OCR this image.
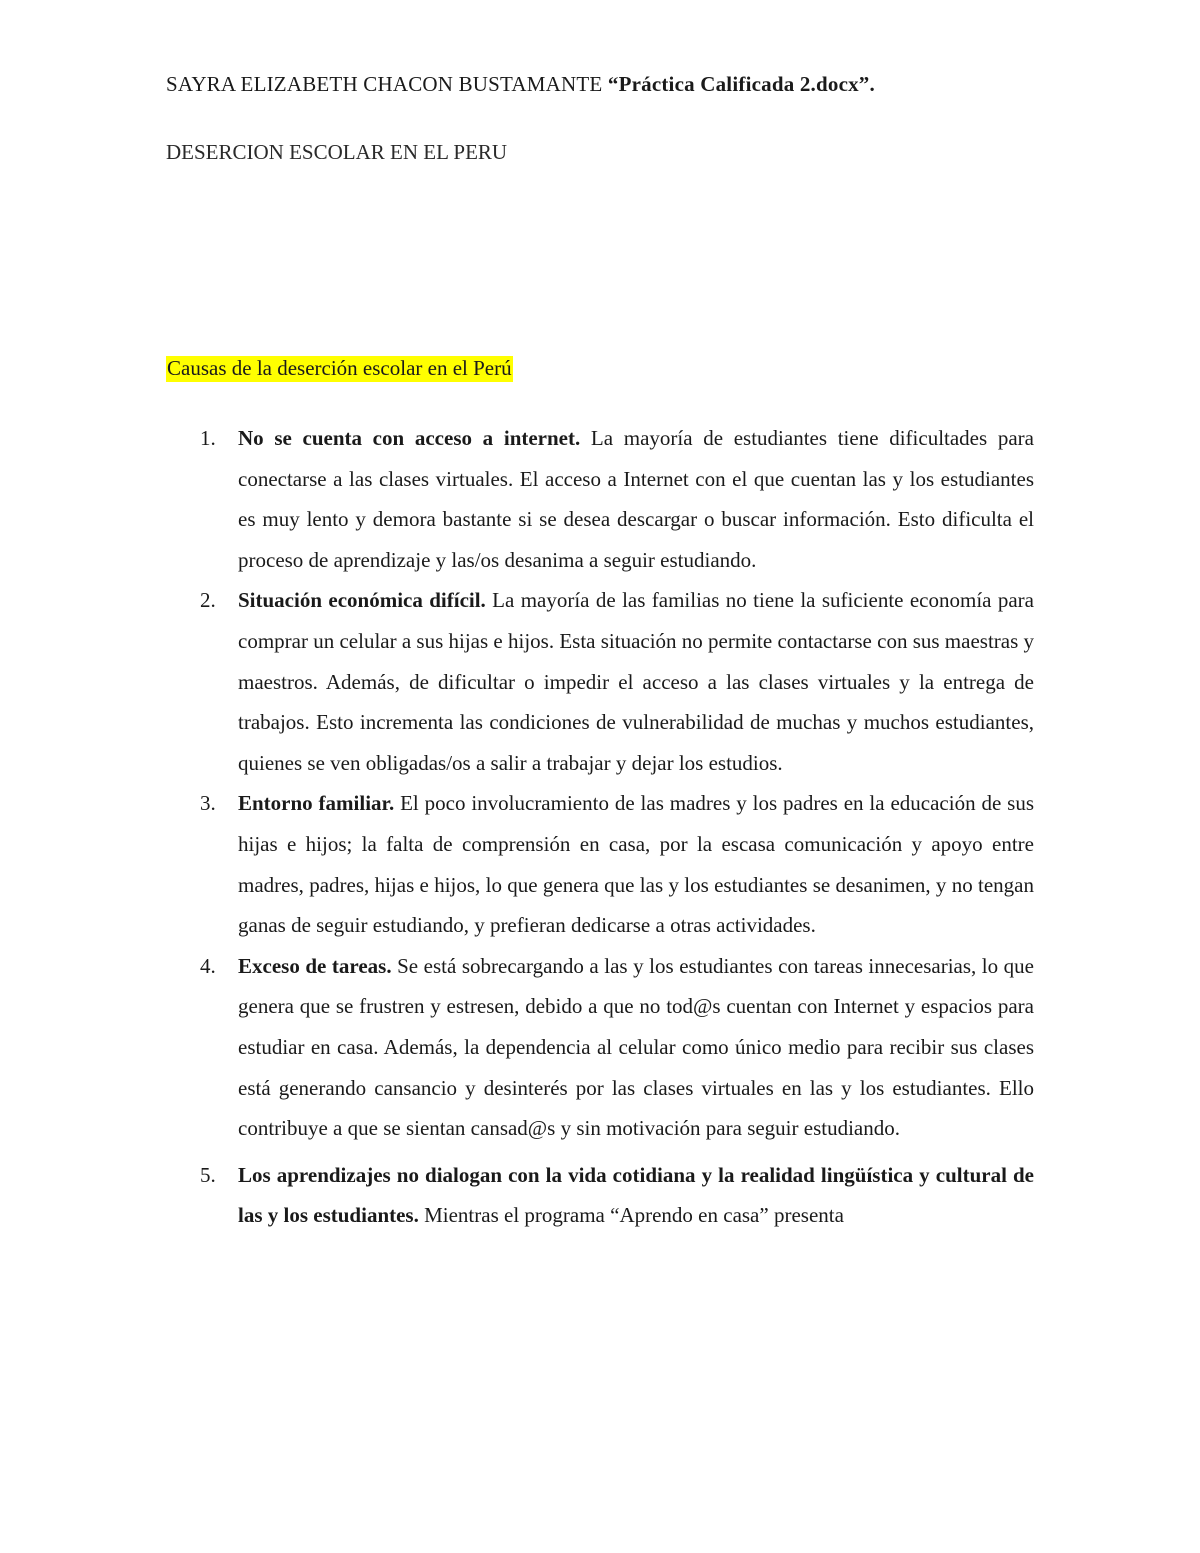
SAYRA ELIZABETH CHACON BUSTAMANTE “Práctica Calificada 2.docx”.
DESERCION ESCOLAR EN EL PERU
Causas de la deserción escolar en el Perú
1.	No se cuenta con acceso a internet. La mayoría de estudiantes tiene dificultades para conectarse a las clases virtuales. El acceso a Internet con el que cuentan las y los estudiantes es muy lento y demora bastante si se desea descargar o buscar información. Esto dificulta el proceso de aprendizaje y las/os desanima a seguir estudiando.
2.	Situación económica difícil. La mayoría de las familias no tiene la suficiente economía para comprar un celular a sus hijas e hijos. Esta situación no permite contactarse con sus maestras y maestros. Además, de dificultar o impedir el acceso a las clases virtuales y la entrega de trabajos. Esto incrementa las condiciones de vulnerabilidad de muchas y muchos estudiantes, quienes se ven obligadas/os a salir a trabajar y dejar los estudios.
3.	Entorno familiar. El poco involucramiento de las madres y los padres en la educación de sus hijas e hijos; la falta de comprensión en casa, por la escasa comunicación y apoyo entre madres, padres, hijas e hijos, lo que genera que las y los estudiantes se desanimen, y no tengan ganas de seguir estudiando, y prefieran dedicarse a otras actividades.
4.	Exceso de tareas. Se está sobrecargando a las y los estudiantes con tareas innecesarias, lo que genera que se frustren y estresen, debido a que no tod@s cuentan con Internet y espacios para estudiar en casa. Además, la dependencia al celular como único medio para recibir sus clases está generando cansancio y desinterés por las clases virtuales en las y los estudiantes. Ello contribuye a que se sientan cansad@s y sin motivación para seguir estudiando.
5.	Los aprendizajes no dialogan con la vida cotidiana y la realidad lingüística y cultural de las y los estudiantes. Mientras el programa “Aprendo en casa” presenta
